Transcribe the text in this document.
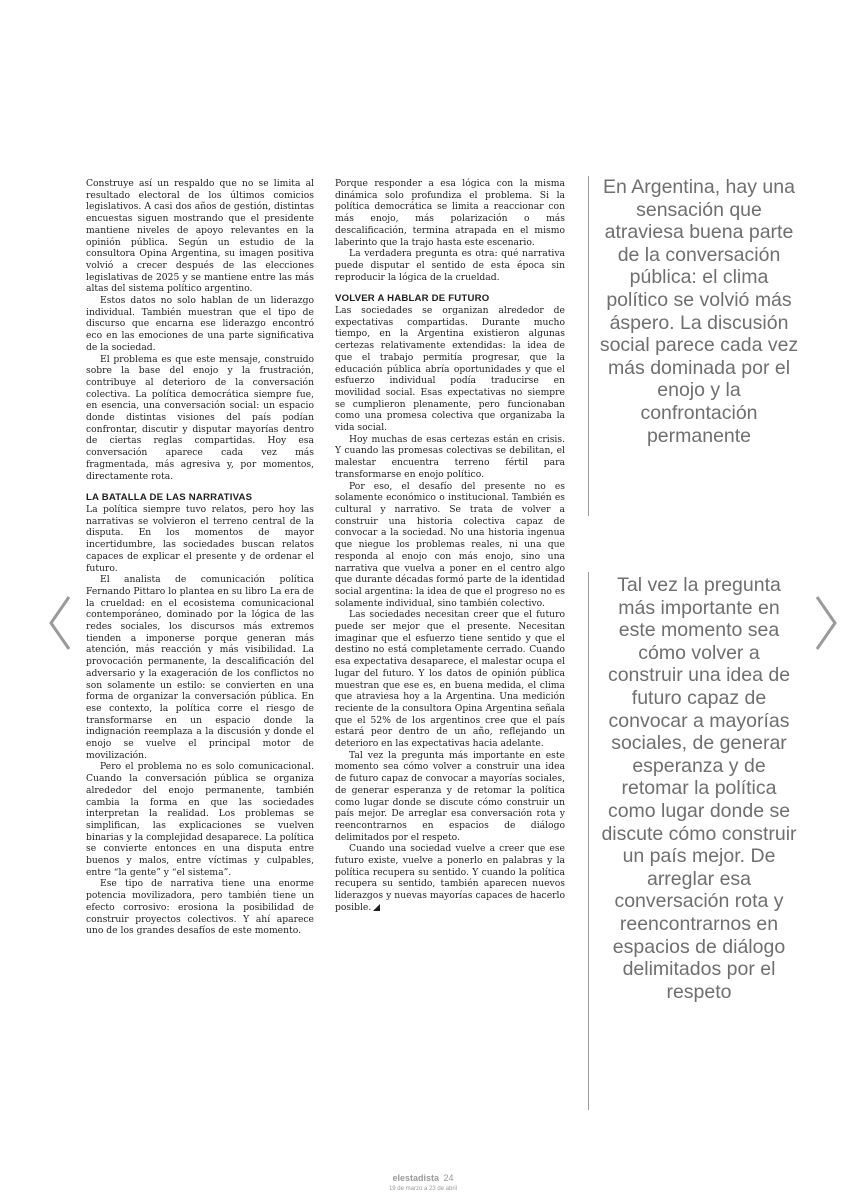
Construye así un respaldo que no se limita al resultado electoral de los últimos comicios legislativos. A casi dos años de gestión, distintas encuestas siguen mostrando que el presidente mantiene niveles de apoyo relevantes en la opinión pública. Según un estudio de la consultora Opina Argentina, su imagen positiva volvió a crecer después de las elecciones legislativas de 2025 y se mantiene entre las más altas del sistema político argentino.

Estos datos no solo hablan de un liderazgo individual. También muestran que el tipo de discurso que encarna ese liderazgo encontró eco en las emociones de una parte significativa de la sociedad.

El problema es que este mensaje, construido sobre la base del enojo y la frustración, contribuye al deterioro de la conversación colectiva. La política democrática siempre fue, en esencia, una conversación social: un espacio donde distintas visiones del país podían confrontar, discutir y disputar mayorías dentro de ciertas reglas compartidas. Hoy esa conversación aparece cada vez más fragmentada, más agresiva y, por momentos, directamente rota.

LA BATALLA DE LAS NARRATIVAS

La política siempre tuvo relatos, pero hoy las narrativas se volvieron el terreno central de la disputa. En los momentos de mayor incertidumbre, las sociedades buscan relatos capaces de explicar el presente y de ordenar el futuro.

El analista de comunicación política Fernando Pittaro lo plantea en su libro La era de la crueldad: en el ecosistema comunicacional contemporáneo, dominado por la lógica de las redes sociales, los discursos más extremos tienden a imponerse porque generan más atención, más reacción y más visibilidad. La provocación permanente, la descalificación del adversario y la exageración de los conflictos no son solamente un estilo: se convierten en una forma de organizar la conversación pública. En ese contexto, la política corre el riesgo de transformarse en un espacio donde la indignación reemplaza a la discusión y donde el enojo se vuelve el principal motor de movilización.

Pero el problema no es solo comunicacional. Cuando la conversación pública se organiza alrededor del enojo permanente, también cambia la forma en que las sociedades interpretan la realidad. Los problemas se simplifican, las explicaciones se vuelven binarias y la complejidad desaparece. La política se convierte entonces en una disputa entre buenos y malos, entre víctimas y culpables, entre “la gente” y “el sistema”.

Ese tipo de narrativa tiene una enorme potencia movilizadora, pero también tiene un efecto corrosivo: erosiona la posibilidad de construir proyectos colectivos. Y ahí aparece uno de los grandes desafíos de este momento.

Porque responder a esa lógica con la misma dinámica solo profundiza el problema. Si la política democrática se limita a reaccionar con más enojo, más polarización o más descalificación, termina atrapada en el mismo laberinto que la trajo hasta este escenario.

La verdadera pregunta es otra: qué narrativa puede disputar el sentido de esta época sin reproducir la lógica de la crueldad.

VOLVER A HABLAR DE FUTURO

Las sociedades se organizan alrededor de expectativas compartidas. Durante mucho tiempo, en la Argentina existieron algunas certezas relativamente extendidas: la idea de que el trabajo permitía progresar, que la educación pública abría oportunidades y que el esfuerzo individual podía traducirse en movilidad social. Esas expectativas no siempre se cumplieron plenamente, pero funcionaban como una promesa colectiva que organizaba la vida social.

Hoy muchas de esas certezas están en crisis. Y cuando las promesas colectivas se debilitan, el malestar encuentra terreno fértil para transformarse en enojo político.

Por eso, el desafío del presente no es solamente económico o institucional. También es cultural y narrativo. Se trata de volver a construir una historia colectiva capaz de convocar a la sociedad. No una historia ingenua que niegue los problemas reales, ni una que responda al enojo con más enojo, sino una narrativa que vuelva a poner en el centro algo que durante décadas formó parte de la identidad social argentina: la idea de que el progreso no es solamente individual, sino también colectivo.

Las sociedades necesitan creer que el futuro puede ser mejor que el presente. Necesitan imaginar que el esfuerzo tiene sentido y que el destino no está completamente cerrado. Cuando esa expectativa desaparece, el malestar ocupa el lugar del futuro. Y los datos de opinión pública muestran que ese es, en buena medida, el clima que atraviesa hoy a la Argentina. Una medición reciente de la consultora Opina Argentina señala que el 52% de los argentinos cree que el país estará peor dentro de un año, reflejando un deterioro en las expectativas hacia adelante.

Tal vez la pregunta más importante en este momento sea cómo volver a construir una idea de futuro capaz de convocar a mayorías sociales, de generar esperanza y de retomar la política como lugar donde se discute cómo construir un país mejor. De arreglar esa conversación rota y reencontrarnos en espacios de diálogo delimitados por el respeto.

Cuando una sociedad vuelve a creer que ese futuro existe, vuelve a ponerlo en palabras y la política recupera su sentido. Y cuando la política recupera su sentido, también aparecen nuevos liderazgos y nuevas mayorías capaces de hacerlo posible.

En Argentina, hay una sensación que atraviesa buena parte de la conversación pública: el clima político se volvió más áspero. La discusión social parece cada vez más dominada por el enojo y la confrontación permanente
Tal vez la pregunta más importante en este momento sea cómo volver a construir una idea de futuro capaz de convocar a mayorías sociales, de generar esperanza y de retomar la política como lugar donde se discute cómo construir un país mejor. De arreglar esa conversación rota y reencontrarnos en espacios de diálogo delimitados por el respeto
elestadista 24
19 de marzo a 23 de abril
